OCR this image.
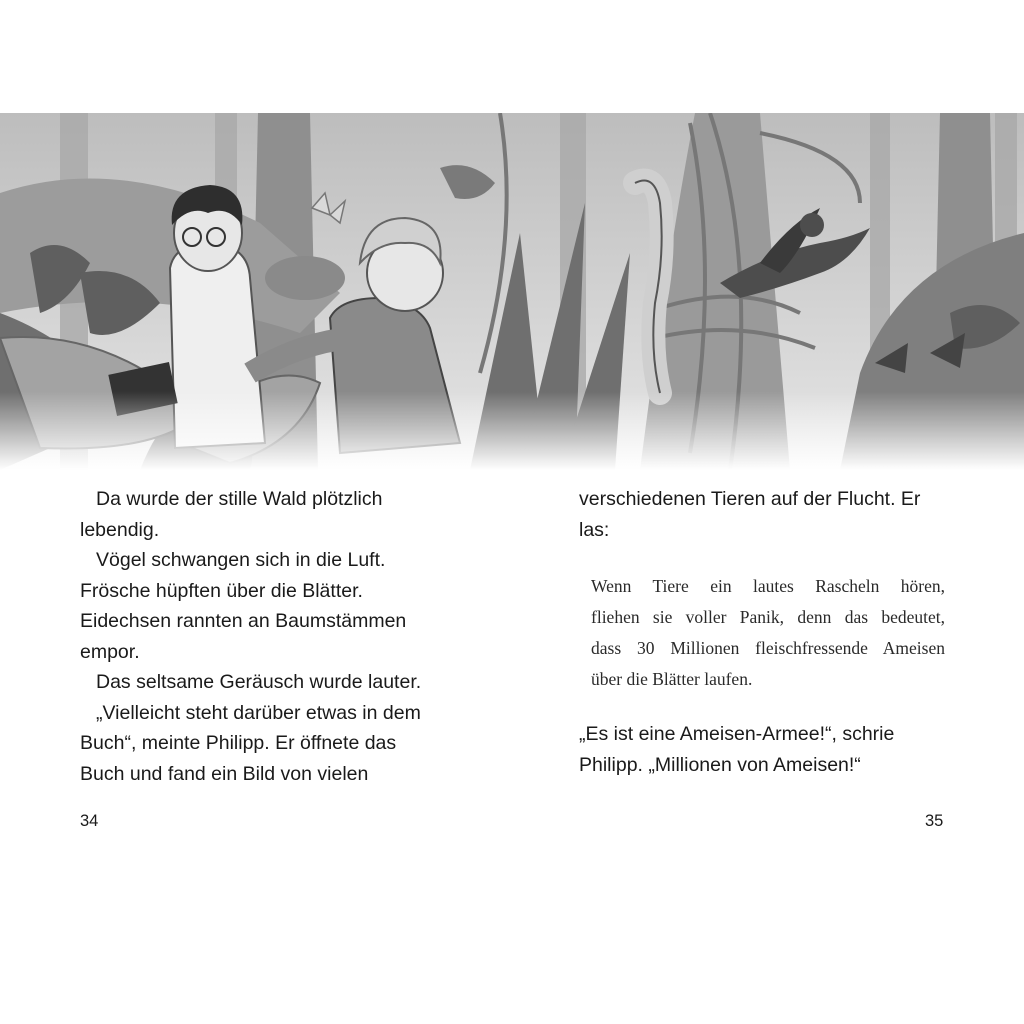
Da wurde der stille Wald plötzlich
lebendig.

Vögel schwangen sich in die Luft.
Frösche hüpften über die Blätter.
Eidechsen rannten an Baumstämmen
empor.

Das seltsame Geräusch wurde lauter.

„Vielleicht steht darüber etwas in dem
Buch“, meinte Philipp. Er öffnete das
Buch und fand ein Bild von vielen

34

verschiedenen Tieren auf der Flucht. Er
las:

Wenn Tiere ein lautes Rascheln hören,
fliehen sie voller Panik, denn das bedeutet,
dass 30 Millionen fleischfressende Ameisen
über die Blätter laufen.

„Es ist eine Ameisen-Armee!“, schrie
Philipp. „Millionen von Ameisen!“

35
